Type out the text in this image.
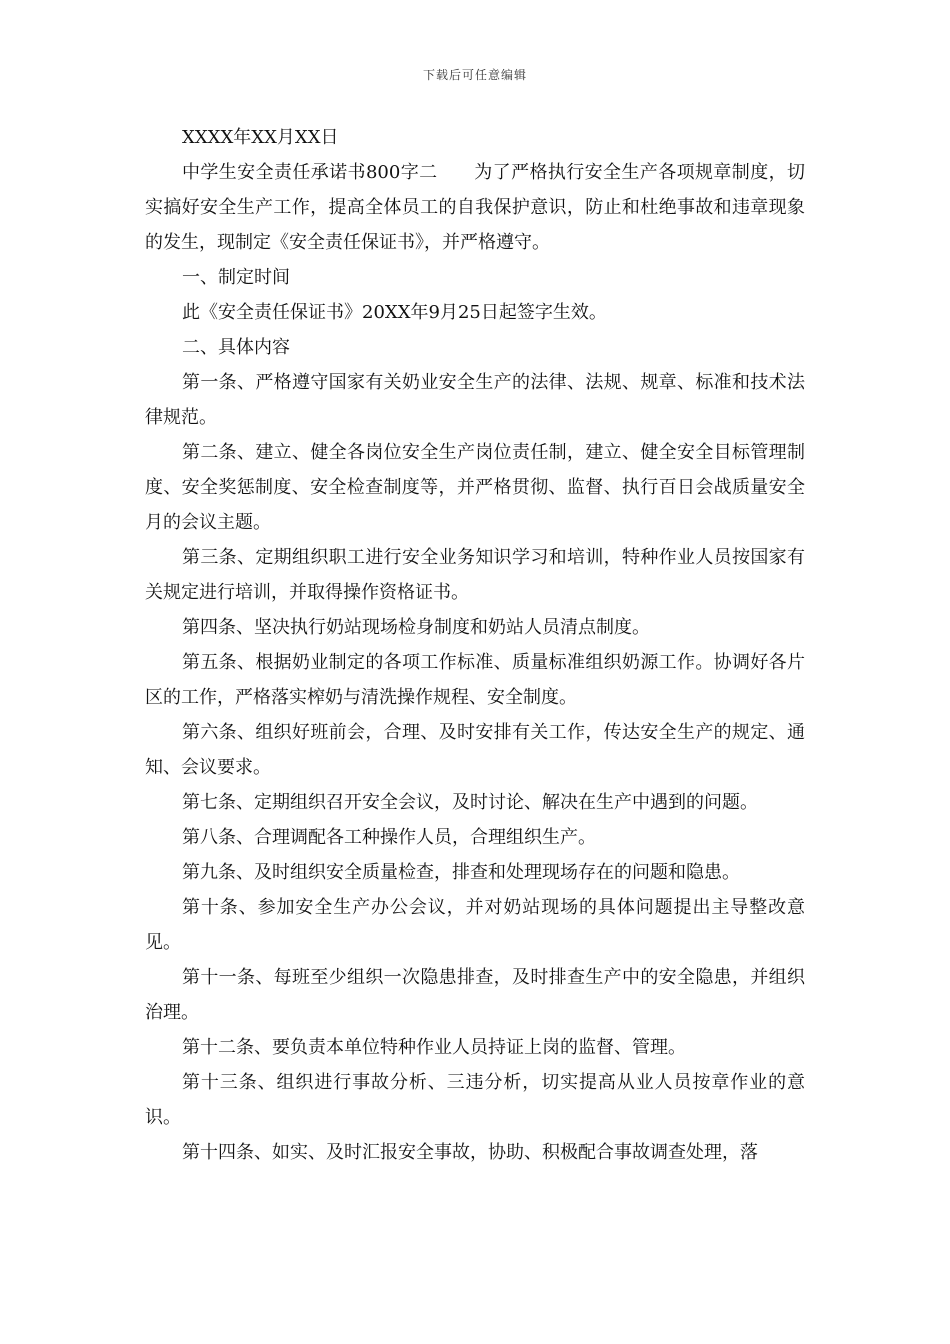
下载后可任意编辑

XXXX年XX月XX日

中学生安全责任承诺书800字二　　为了严格执行安全生产各项规章制度，切实搞好安全生产工作，提高全体员工的自我保护意识，防止和杜绝事故和违章现象的发生，现制定《安全责任保证书》，并严格遵守。

一、制定时间

此《安全责任保证书》20XX年9月25日起签字生效。

二、具体内容

第一条、严格遵守国家有关奶业安全生产的法律、法规、规章、标准和技术法律规范。

第二条、建立、健全各岗位安全生产岗位责任制，建立、健全安全目标管理制度、安全奖惩制度、安全检查制度等，并严格贯彻、监督、执行百日会战质量安全月的会议主题。

第三条、定期组织职工进行安全业务知识学习和培训，特种作业人员按国家有关规定进行培训，并取得操作资格证书。

第四条、坚决执行奶站现场检身制度和奶站人员清点制度。

第五条、根据奶业制定的各项工作标准、质量标准组织奶源工作。协调好各片区的工作，严格落实榨奶与清洗操作规程、安全制度。

第六条、组织好班前会，合理、及时安排有关工作，传达安全生产的规定、通知、会议要求。

第七条、定期组织召开安全会议，及时讨论、解决在生产中遇到的问题。

第八条、合理调配各工种操作人员，合理组织生产。

第九条、及时组织安全质量检查，排查和处理现场存在的问题和隐患。

第十条、参加安全生产办公会议，并对奶站现场的具体问题提出主导整改意见。

第十一条、每班至少组织一次隐患排查，及时排查生产中的安全隐患，并组织治理。

第十二条、要负责本单位特种作业人员持证上岗的监督、管理。

第十三条、组织进行事故分析、三违分析，切实提高从业人员按章作业的意识。

第十四条、如实、及时汇报安全事故，协助、积极配合事故调查处理，落
